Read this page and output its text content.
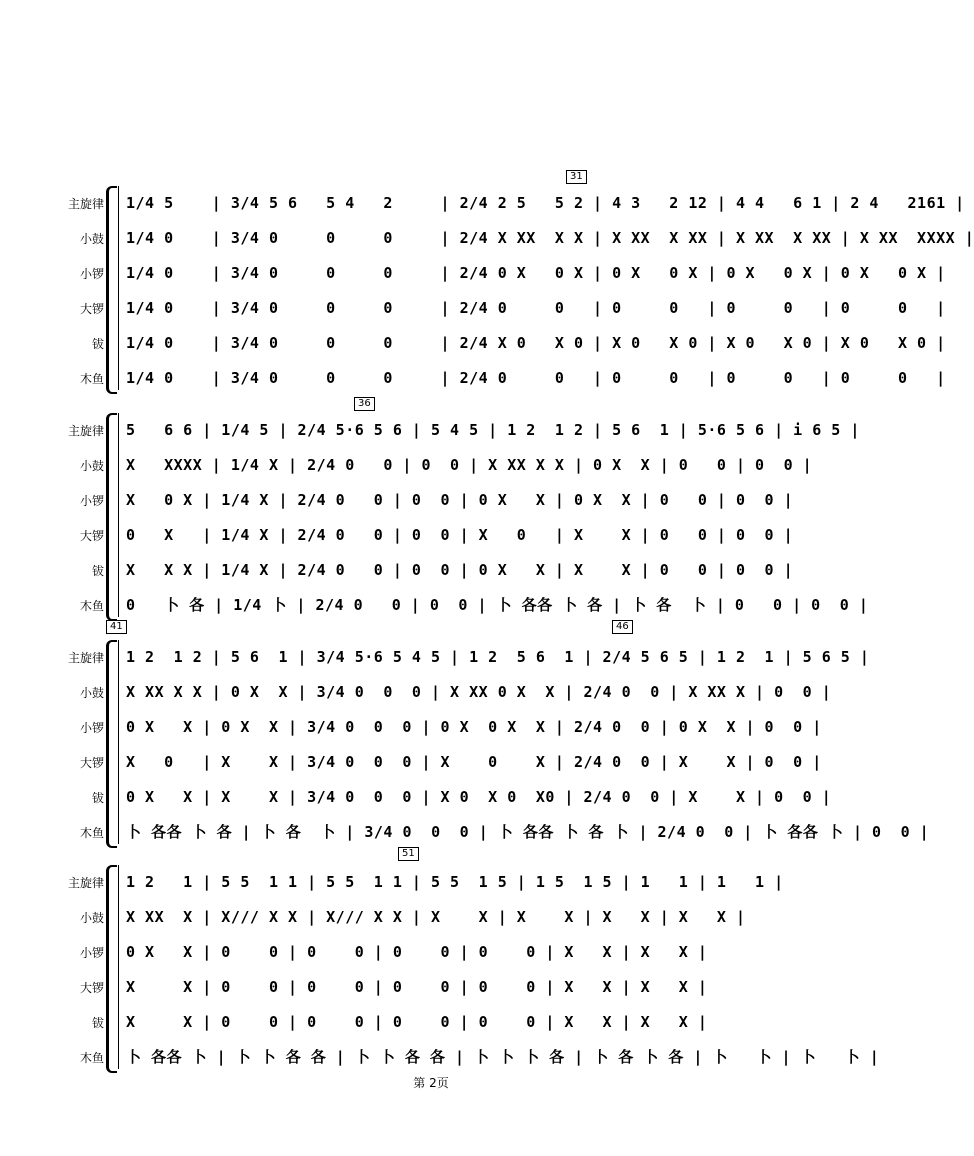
31
主旋律 1/4 5    | 3/4 5 6   5 4   2     | 2/4 2 5   5 2 | 4 3   2 12 | 4 4   6 1 | 2 4   2161 |
小鼓 1/4 0    | 3/4 0     0     0     | 2/4 X XX  X X | X XX  X XX | X XX  X XX | X XX  XXXX |
小锣 1/4 0    | 3/4 0     0     0     | 2/4 0 X   0 X | 0 X   0 X | 0 X   0 X | 0 X   0 X |
大锣 1/4 0    | 3/4 0     0     0     | 2/4 0     0   | 0     0   | 0     0   | 0     0   |
钹 1/4 0    | 3/4 0     0     0     | 2/4 X 0   X 0 | X 0   X 0 | X 0   X 0 | X 0   X 0 |
木鱼 1/4 0    | 3/4 0     0     0     | 2/4 0     0   | 0     0   | 0     0   | 0     0   |
36
主旋律 5   6 6 | 1/4 5 | 2/4 5·6 5 6 | 5 4 5 | 1 2  1 2 | 5 6  1 | 5·6 5 6 | i 6 5 |
小鼓 X   XXXX | 1/4 X | 2/4 0   0 | 0  0 | X XX X X | 0 X  X | 0   0 | 0  0 |
小锣 X   0 X | 1/4 X | 2/4 0   0 | 0  0 | 0 X   X | 0 X  X | 0   0 | 0  0 |
大锣 0   X   | 1/4 X | 2/4 0   0 | 0  0 | X   0   | X    X | 0   0 | 0  0 |
钹 X   X X | 1/4 X | 2/4 0   0 | 0  0 | 0 X   X | X    X | 0   0 | 0  0 |
木鱼 0   卜 各 | 1/4 卜 | 2/4 0   0 | 0  0 | 卜 各各 卜 各 | 卜 各  卜 | 0   0 | 0  0 |
41	46
主旋律 1 2  1 2 | 5 6  1 | 3/4 5·6 5 4 5 | 1 2  5 6  1 | 2/4 5 6 5 | 1 2  1 | 5 6 5 |
小鼓 X XX X X | 0 X  X | 3/4 0  0  0 | X XX 0 X  X | 2/4 0  0 | X XX X | 0  0 |
小锣 0 X   X | 0 X  X | 3/4 0  0  0 | 0 X  0 X  X | 2/4 0  0 | 0 X  X | 0  0 |
大锣 X   0   | X    X | 3/4 0  0  0 | X    0    X | 2/4 0  0 | X    X | 0  0 |
钹 0 X   X | X    X | 3/4 0  0  0 | X 0  X 0  X0 | 2/4 0  0 | X    X | 0  0 |
木鱼 卜 各各 卜 各 | 卜 各  卜 | 3/4 0  0  0 | 卜 各各 卜 各 卜 | 2/4 0  0 | 卜 各各 卜 | 0  0 |
51
主旋律 1 2   1 | 5 5  1 1 | 5 5  1 1 | 5 5  1 5 | 1 5  1 5 | 1   1 | 1   1 |
小鼓 X XX  X | X/// X X | X/// X X | X    X | X    X | X   X | X   X |
小锣 0 X   X | 0    0 | 0    0 | 0    0 | 0    0 | X   X | X   X |
大锣 X     X | 0    0 | 0    0 | 0    0 | 0    0 | X   X | X   X |
钹 X     X | 0    0 | 0    0 | 0    0 | 0    0 | X   X | X   X |
木鱼 卜 各各 卜 | 卜 卜 各 各 | 卜 卜 各 各 | 卜 卜 卜 各 | 卜 各 卜 各 | 卜   卜 | 卜   卜 |
第 2页
